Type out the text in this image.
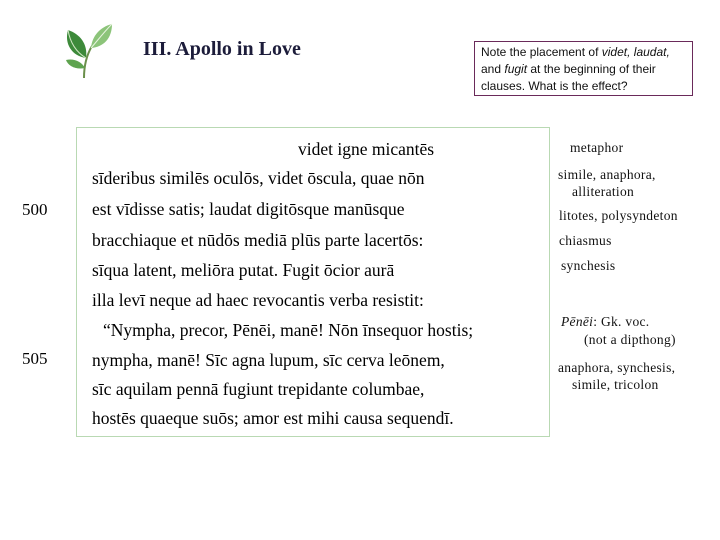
III. Apollo in Love	Note the placement of videt, laudat, and fugit at the beginning of their clauses. What is the effect?
videt igne micantēs
sīderibus similēs oculōs, videt ōscula, quae nōn
est vīdisse satis; laudat digitōsque manūsque
bracchiaque et nūdōs mediā plūs parte lacertōs:
sīqua latent, meliōra putat. Fugit ōcior aurā
illa levī neque ad haec revocantis verba resistit:
“Nympha, precor, Pēnēi, manē! Nōn īnsequor hostis;
nympha, manē! Sīc agna lupum, sīc cerva leōnem,
sīc aquilam pennā fugiunt trepidante columbae,
hostēs quaeque suōs; amor est mihi causa sequendī.
500
505
metaphor
simile, anaphora,
alliteration
litotes, polysyndeton
chiasmus
synchesis
Pēnēi: Gk. voc.
(not a dipthong)
anaphora, synchesis,
simile, tricolon
